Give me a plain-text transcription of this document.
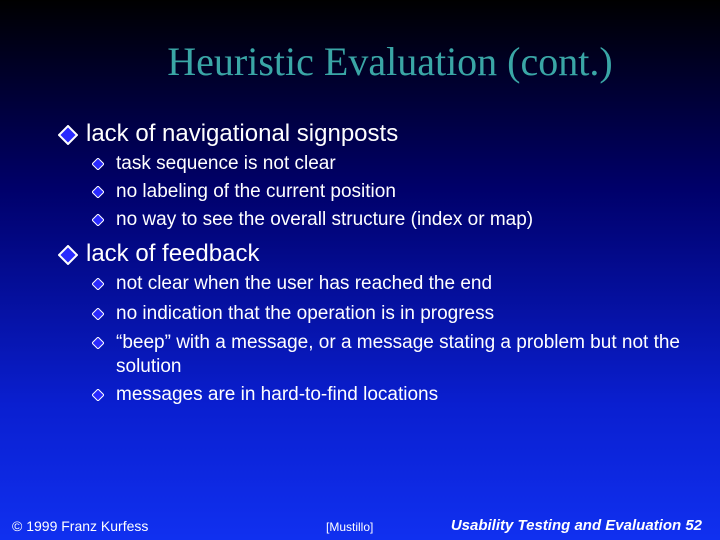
Heuristic Evaluation (cont.)
lack of navigational signposts
task sequence is not clear
no labeling of the current position
no way to see the overall structure (index or map)
lack of feedback
not clear when the user has reached the end
no indication that the operation is in progress
“beep” with a message, or a message stating a problem but not the solution
messages are in hard-to-find locations
© 1999 Franz Kurfess	[Mustillo]	Usability Testing and Evaluation 52
